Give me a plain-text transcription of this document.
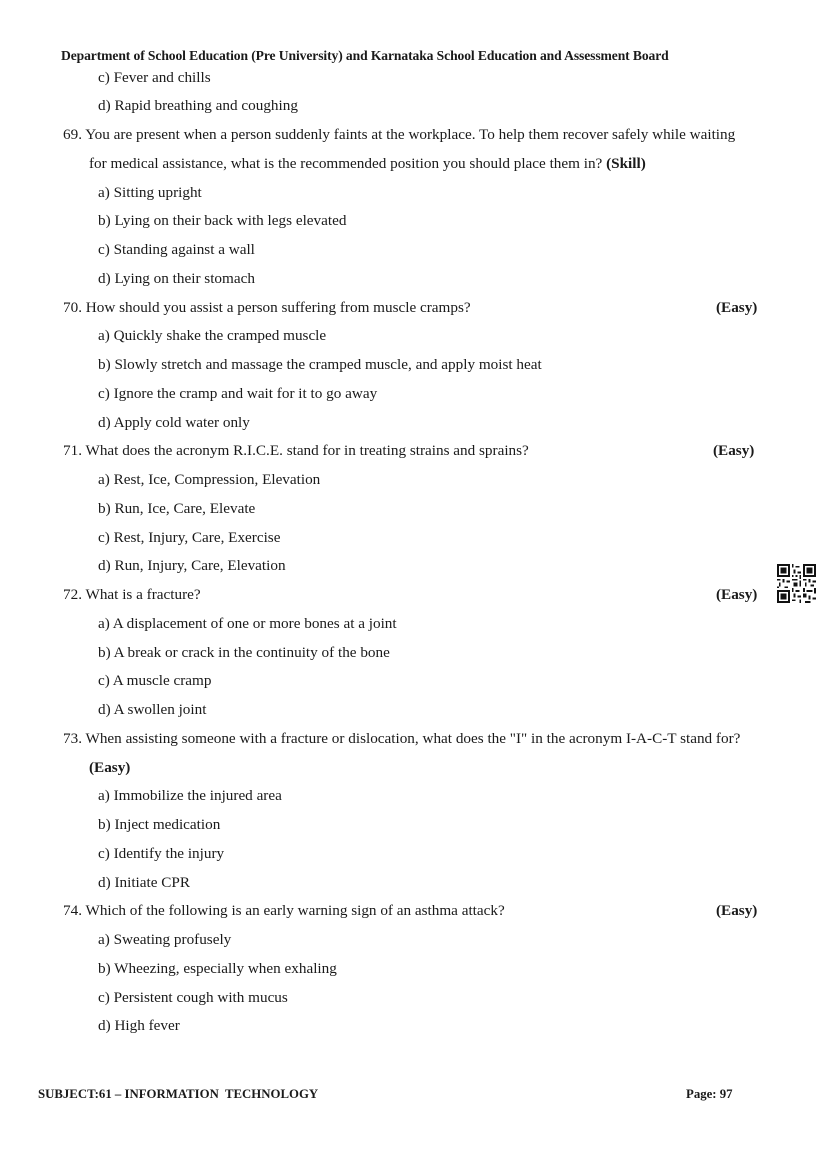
Department of School Education (Pre University) and Karnataka School Education and Assessment Board
c) Fever and chills
d) Rapid breathing and coughing
69. You are present when a person suddenly faints at the workplace. To help them recover safely while waiting
for medical assistance, what is the recommended position you should place them in? (Skill)
a) Sitting upright
b) Lying on their back with legs elevated
c) Standing against a wall
d) Lying on their stomach
70. How should you assist a person suffering from muscle cramps?	(Easy)
a) Quickly shake the cramped muscle
b) Slowly stretch and massage the cramped muscle, and apply moist heat
c) Ignore the cramp and wait for it to go away
d) Apply cold water only
71. What does the acronym R.I.C.E. stand for in treating strains and sprains?	(Easy)
a) Rest, Ice, Compression, Elevation
b) Run, Ice, Care, Elevate
c) Rest, Injury, Care, Exercise
d) Run, Injury, Care, Elevation
72. What is a fracture?	(Easy)
a) A displacement of one or more bones at a joint
b) A break or crack in the continuity of the bone
c) A muscle cramp
d) A swollen joint
73. When assisting someone with a fracture or dislocation, what does the "I" in the acronym I-A-C-T stand for?
(Easy)
a) Immobilize the injured area
b) Inject medication
c) Identify the injury
d) Initiate CPR
74. Which of the following is an early warning sign of an asthma attack?	(Easy)
a) Sweating profusely
b) Wheezing, especially when exhaling
c) Persistent cough with mucus
d) High fever
SUBJECT:61 – INFORMATION  TECHNOLOGY	Page: 97
